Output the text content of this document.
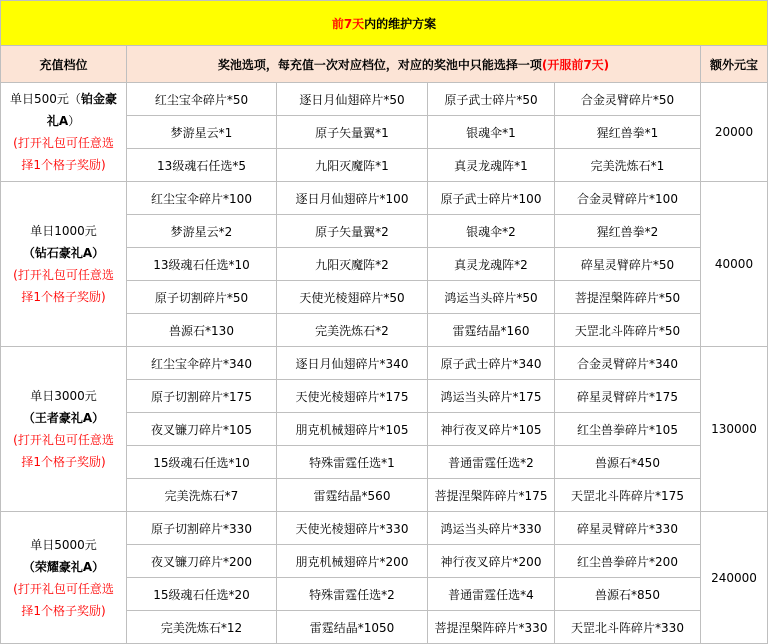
前7天内的维护方案					
充值档位	奖池选项，每充值一次对应档位，对应的奖池中只能选择一项(开服前7天)				额外元宝

单日500元（铂金豪
礼A）
(打开礼包可任意选
择1个格子奖励)	红尘宝伞碎片*50	逐日月仙翅碎片*50	原子武士碎片*50	合金灵臂碎片*50	20000
	梦游星云*1	原子矢量翼*1	银魂伞*1	猩红兽拳*1	
	13级魂石任选*5	九阳灭魔阵*1	真灵龙魂阵*1	完美洗炼石*1	

单日1000元
（钻石豪礼A）
(打开礼包可任意选
择1个格子奖励)	红尘宝伞碎片*100	逐日月仙翅碎片*100	原子武士碎片*100	合金灵臂碎片*100	40000
	梦游星云*2	原子矢量翼*2	银魂伞*2	猩红兽拳*2	
	13级魂石任选*10	九阳灭魔阵*2	真灵龙魂阵*2	碎星灵臂碎片*50	
	原子切割碎片*50	天使光棱翅碎片*50	鸿运当头碎片*50	菩提涅槃阵碎片*50	
	兽源石*130	完美洗炼石*2	雷霆结晶*160	天罡北斗阵碎片*50	

单日3000元
（王者豪礼A）
(打开礼包可任意选
择1个格子奖励)	红尘宝伞碎片*340	逐日月仙翅碎片*340	原子武士碎片*340	合金灵臂碎片*340	130000
	原子切割碎片*175	天使光棱翅碎片*175	鸿运当头碎片*175	碎星灵臂碎片*175	
	夜叉镰刀碎片*105	朋克机械翅碎片*105	神行夜叉碎片*105	红尘兽拳碎片*105	
	15级魂石任选*10	特殊雷霆任选*1	普通雷霆任选*2	兽源石*450	
	完美洗炼石*7	雷霆结晶*560	菩提涅槃阵碎片*175	天罡北斗阵碎片*175	

单日5000元
（荣耀豪礼A）
(打开礼包可任意选
择1个格子奖励)	原子切割碎片*330	天使光棱翅碎片*330	鸿运当头碎片*330	碎星灵臂碎片*330	240000
	夜叉镰刀碎片*200	朋克机械翅碎片*200	神行夜叉碎片*200	红尘兽拳碎片*200	
	15级魂石任选*20	特殊雷霆任选*2	普通雷霆任选*4	兽源石*850	
	完美洗炼石*12	雷霆结晶*1050	菩提涅槃阵碎片*330	天罡北斗阵碎片*330	
